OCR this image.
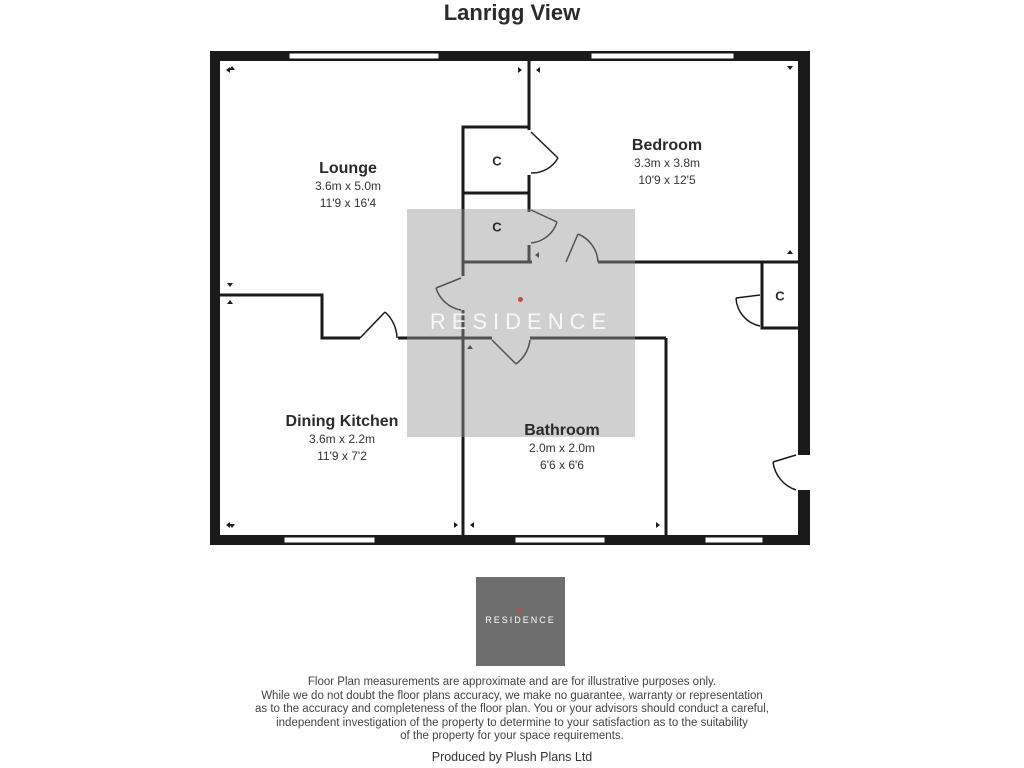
Lanrigg View
RESIDENCE
Lounge
3.6m x 5.0m
11'9 x 16'4
Bedroom
3.3m x 3.8m
10'9 x 12'5
Dining Kitchen
3.6m x 2.2m
11'9 x 7'2
Bathroom
2.0m x 2.0m
6'6 x 6'6
C
C
C
RESIDENCE
Floor Plan measurements are approximate and are for illustrative purposes only.
While we do not doubt the floor plans accuracy, we make no guarantee, warranty or representation
as to the accuracy and completeness of the floor plan. You or your advisors should conduct a careful,
independent investigation of the property to determine to your satisfaction as to the suitability
of the property for your space requirements.
Produced by Plush Plans Ltd
